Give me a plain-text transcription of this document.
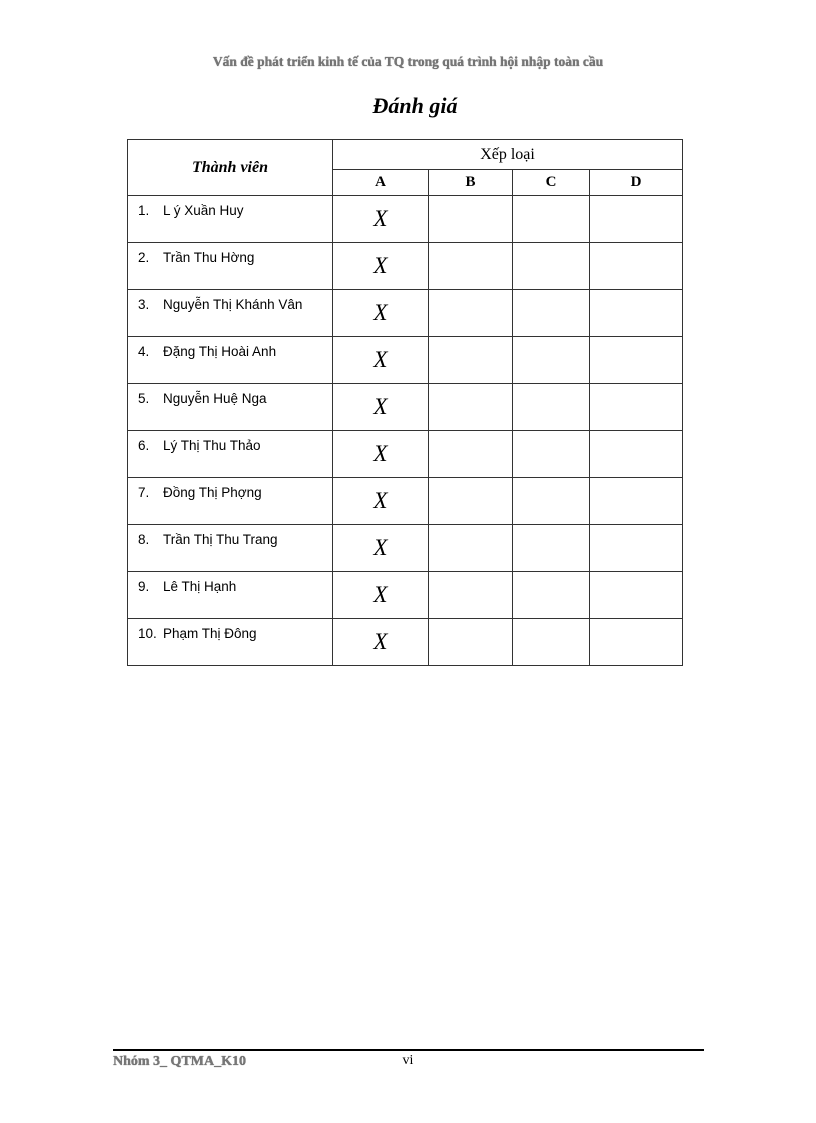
Vấn đề phát triển kinh tế của TQ trong quá trình hội nhập toàn cầu
Đánh giá
Thành viên	Xếp loại			
	A	B	C	D
1. L ý Xuần Huy	X			
2. Trần Thu Hờng	X			
3. Nguyễn Thị Khánh Vân	X			
4. Đặng Thị Hoài Anh	X			
5. Nguyễn Huệ Nga	X			
6. Lý Thị Thu Thảo	X			
7. Đồng Thị Phợng	X			
8. Trần Thị Thu Trang	X			
9. Lê Thị Hạnh	X			
10. Phạm Thị Đông	X			
Nhóm 3_ QTMA_K10	vi
